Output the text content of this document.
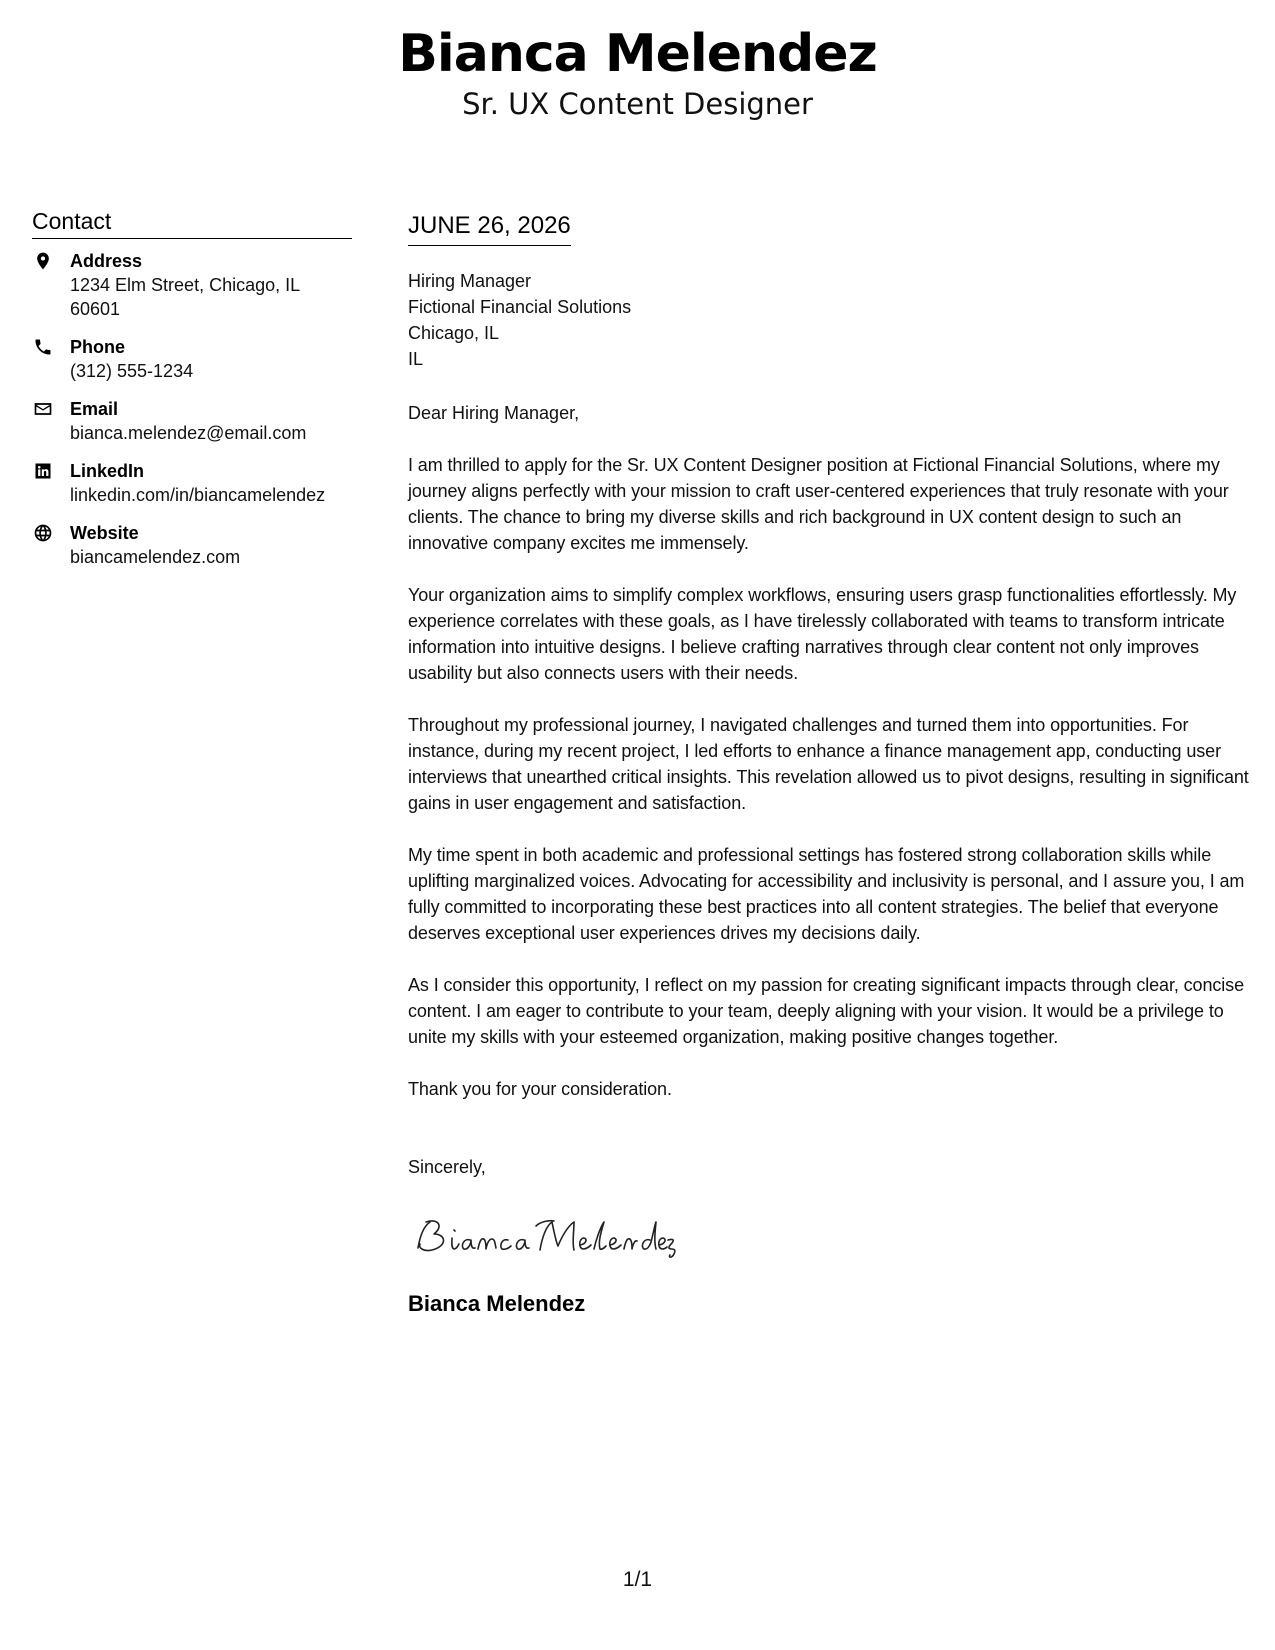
Bianca Melendez
Sr. UX Content Designer
Contact
Address
1234 Elm Street, Chicago, IL
60601
Phone
(312) 555-1234
Email
bianca.melendez@email.com
LinkedIn
linkedin.com/in/biancamelendez
Website
biancamelendez.com
JUNE 26, 2026
Hiring Manager
Fictional Financial Solutions
Chicago, IL
IL
Dear Hiring Manager,
I am thrilled to apply for the Sr. UX Content Designer position at Fictional Financial Solutions, where my journey aligns perfectly with your mission to craft user-centered experiences that truly resonate with your clients. The chance to bring my diverse skills and rich background in UX content design to such an innovative company excites me immensely.
Your organization aims to simplify complex workflows, ensuring users grasp functionalities effortlessly. My experience correlates with these goals, as I have tirelessly collaborated with teams to transform intricate information into intuitive designs. I believe crafting narratives through clear content not only improves usability but also connects users with their needs.
Throughout my professional journey, I navigated challenges and turned them into opportunities. For instance, during my recent project, I led efforts to enhance a finance management app, conducting user interviews that unearthed critical insights. This revelation allowed us to pivot designs, resulting in significant gains in user engagement and satisfaction.
My time spent in both academic and professional settings has fostered strong collaboration skills while uplifting marginalized voices. Advocating for accessibility and inclusivity is personal, and I assure you, I am fully committed to incorporating these best practices into all content strategies. The belief that everyone deserves exceptional user experiences drives my decisions daily.
As I consider this opportunity, I reflect on my passion for creating significant impacts through clear, concise content. I am eager to contribute to your team, deeply aligning with your vision. It would be a privilege to unite my skills with your esteemed organization, making positive changes together.
Thank you for your consideration.
Sincerely,
Bianca Melendez
1/1
